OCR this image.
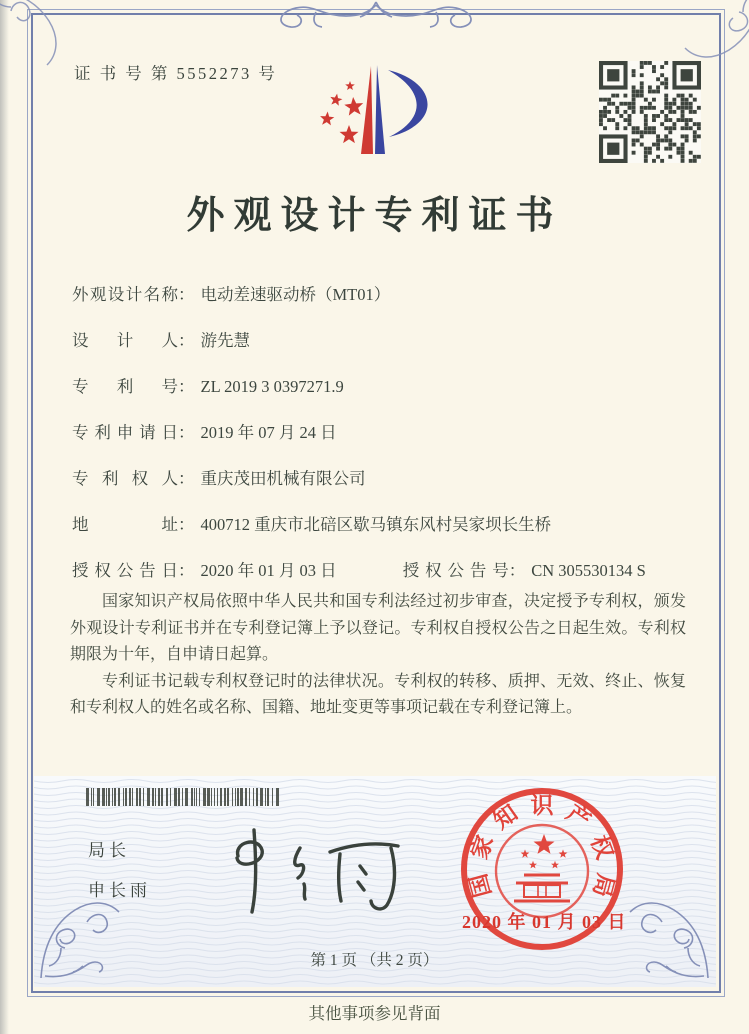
证 书 号 第 5552273 号
外观设计专利证书
外观设计名称： 电动差速驱动桥（MT01）
设计人： 游先慧
专利号： ZL 2019 3 0397271.9
专利申请日： 2019 年 07 月 24 日
专利权人： 重庆茂田机械有限公司
地址： 400712 重庆市北碚区歇马镇东风村吴家坝长生桥
授权公告日： 2020 年 01 月 03 日	授权公告号： CN 305530134 S

国家知识产权局依照中华人民共和国专利法经过初步审查，决定授予专利权，颁发外观设计专利证书并在专利登记簿上予以登记。专利权自授权公告之日起生效。专利权期限为十年，自申请日起算。

专利证书记载专利权登记时的法律状况。专利权的转移、质押、无效、终止、恢复和专利权人的姓名或名称、国籍、地址变更等事项记载在专利登记簿上。

局长
申长雨	国
家
知 识 产
权
局
2020 年 01 月 03 日
第 1 页 （共 2 页）
其他事项参见背面
